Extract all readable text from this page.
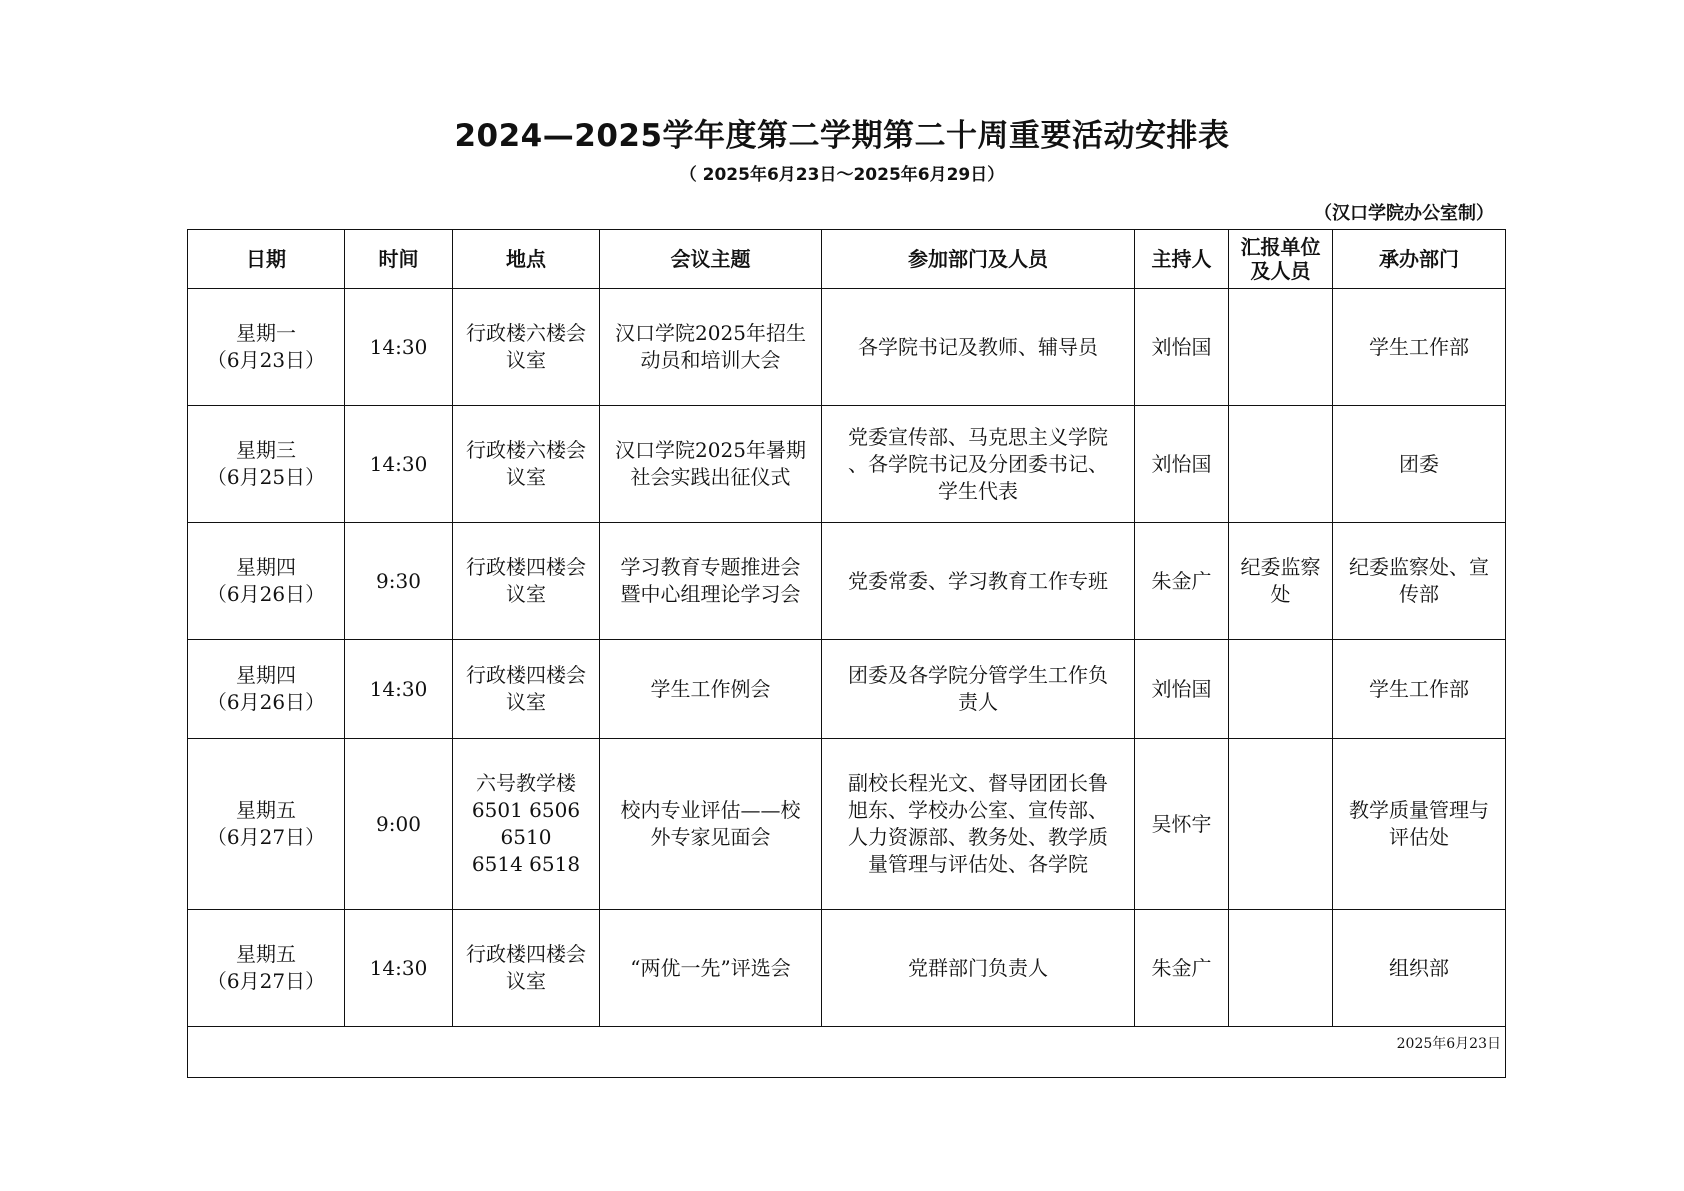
2024—2025学年度第二学期第二十周重要活动安排表
（ 2025年6月23日～2025年6月29日）
（汉口学院办公室制）
日期	时间	地点	会议主题	参加部门及人员	主持人	汇报单位
及人员	承办部门
星期一
（6月23日）	14:30	行政楼六楼会
议室	汉口学院2025年招生
动员和培训大会	各学院书记及教师、辅导员	刘怡国		学生工作部
星期三
（6月25日）	14:30	行政楼六楼会
议室	汉口学院2025年暑期
社会实践出征仪式	党委宣传部、马克思主义学院
、各学院书记及分团委书记、
学生代表	刘怡国		团委
星期四
（6月26日）	9:30	行政楼四楼会
议室	学习教育专题推进会
暨中心组理论学习会	党委常委、学习教育工作专班	朱金广	纪委监察
处	纪委监察处、宣
传部
星期四
（6月26日）	14:30	行政楼四楼会
议室	学生工作例会	团委及各学院分管学生工作负
责人	刘怡国		学生工作部
星期五
（6月27日）	9:00	六号教学楼
6501 6506
6510
6514 6518	校内专业评估——校
外专家见面会	副校长程光文、督导团团长鲁
旭东、学校办公室、宣传部、
人力资源部、教务处、教学质
量管理与评估处、各学院	吴怀宇		教学质量管理与
评估处
星期五
（6月27日）	14:30	行政楼四楼会
议室	“两优一先”评选会	党群部门负责人	朱金广		组织部
2025年6月23日							
